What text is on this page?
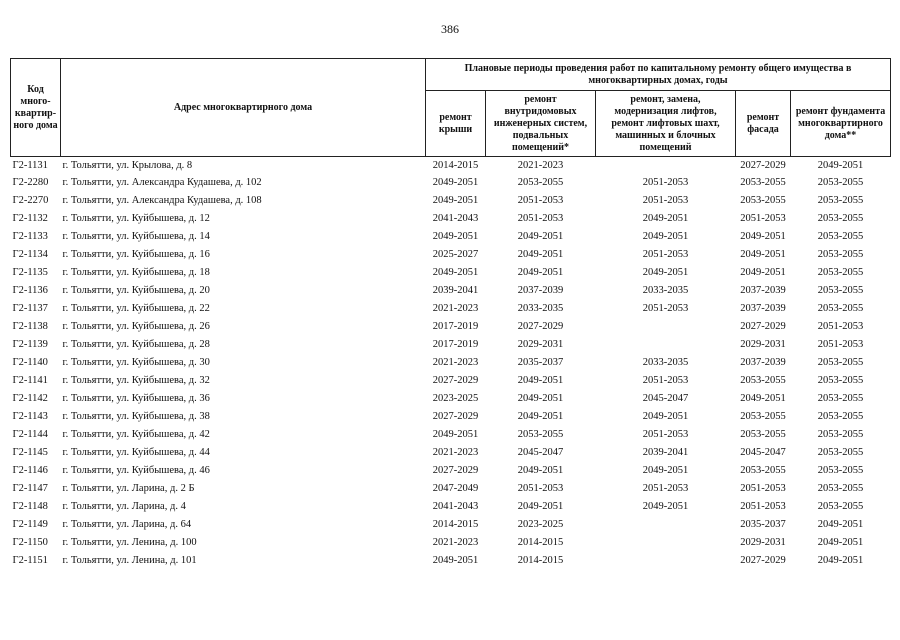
386
Код много-квартир-ного дома	Адрес многоквартирного дома	Плановые периоды проведения работ по капитальному ремонту общего имущества в многоквартирных домах, годы				
		ремонт крыши	ремонт внутридомовых инженерных систем, подвальных помещений*	ремонт, замена, модернизация лифтов, ремонт лифтовых шахт, машинных и блочных помещений	ремонт фасада	ремонт фундамента многоквартирного дома**
Г2-1131	г. Тольятти, ул. Крылова, д. 8	2014-2015	2021-2023		2027-2029	2049-2051
Г2-2280	г. Тольятти, ул. Александра Кудашева, д. 102	2049-2051	2053-2055	2051-2053	2053-2055	2053-2055
Г2-2270	г. Тольятти, ул. Александра Кудашева, д. 108	2049-2051	2051-2053	2051-2053	2053-2055	2053-2055
Г2-1132	г. Тольятти, ул. Куйбышева, д. 12	2041-2043	2051-2053	2049-2051	2051-2053	2053-2055
Г2-1133	г. Тольятти, ул. Куйбышева, д. 14	2049-2051	2049-2051	2049-2051	2049-2051	2053-2055
Г2-1134	г. Тольятти, ул. Куйбышева, д. 16	2025-2027	2049-2051	2051-2053	2049-2051	2053-2055
Г2-1135	г. Тольятти, ул. Куйбышева, д. 18	2049-2051	2049-2051	2049-2051	2049-2051	2053-2055
Г2-1136	г. Тольятти, ул. Куйбышева, д. 20	2039-2041	2037-2039	2033-2035	2037-2039	2053-2055
Г2-1137	г. Тольятти, ул. Куйбышева, д. 22	2021-2023	2033-2035	2051-2053	2037-2039	2053-2055
Г2-1138	г. Тольятти, ул. Куйбышева, д. 26	2017-2019	2027-2029		2027-2029	2051-2053
Г2-1139	г. Тольятти, ул. Куйбышева, д. 28	2017-2019	2029-2031		2029-2031	2051-2053
Г2-1140	г. Тольятти, ул. Куйбышева, д. 30	2021-2023	2035-2037	2033-2035	2037-2039	2053-2055
Г2-1141	г. Тольятти, ул. Куйбышева, д. 32	2027-2029	2049-2051	2051-2053	2053-2055	2053-2055
Г2-1142	г. Тольятти, ул. Куйбышева, д. 36	2023-2025	2049-2051	2045-2047	2049-2051	2053-2055
Г2-1143	г. Тольятти, ул. Куйбышева, д. 38	2027-2029	2049-2051	2049-2051	2053-2055	2053-2055
Г2-1144	г. Тольятти, ул. Куйбышева, д. 42	2049-2051	2053-2055	2051-2053	2053-2055	2053-2055
Г2-1145	г. Тольятти, ул. Куйбышева, д. 44	2021-2023	2045-2047	2039-2041	2045-2047	2053-2055
Г2-1146	г. Тольятти, ул. Куйбышева, д. 46	2027-2029	2049-2051	2049-2051	2053-2055	2053-2055
Г2-1147	г. Тольятти, ул. Ларина, д. 2 Б	2047-2049	2051-2053	2051-2053	2051-2053	2053-2055
Г2-1148	г. Тольятти, ул. Ларина, д. 4	2041-2043	2049-2051	2049-2051	2051-2053	2053-2055
Г2-1149	г. Тольятти, ул. Ларина, д. 64	2014-2015	2023-2025		2035-2037	2049-2051
Г2-1150	г. Тольятти, ул. Ленина, д. 100	2021-2023	2014-2015		2029-2031	2049-2051
Г2-1151	г. Тольятти, ул. Ленина, д. 101	2049-2051	2014-2015		2027-2029	2049-2051
